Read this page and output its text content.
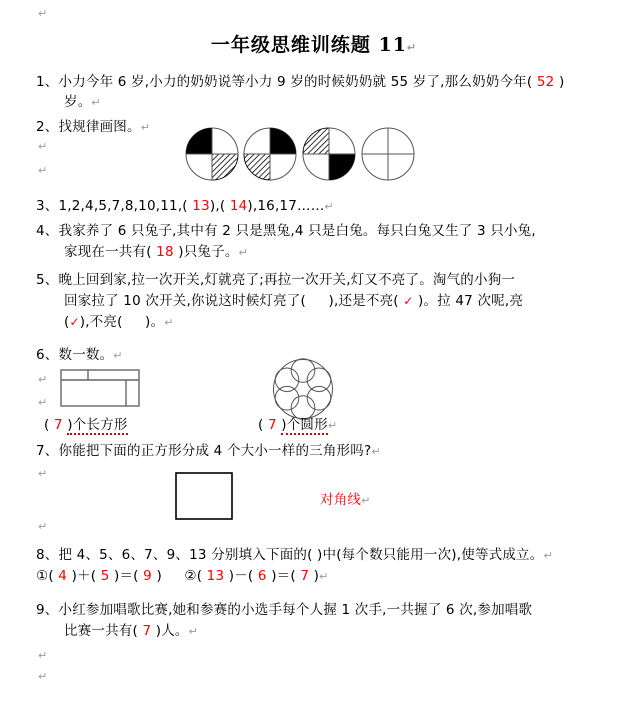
↵
一年级思维训练题 11↵
1、小力今年 6 岁,小力的奶奶说等小力 9 岁的时候奶奶就 55 岁了,那么奶奶今年( 52 )
岁。↵
2、找规律画图。↵
↵
↵
3、1,2,4,5,7,8,10,11,( 13),( 14),16,17……↵
4、我家养了 6 只兔子,其中有 2 只是黑兔,4 只是白兔。每只白兔又生了 3 只小兔,
家现在一共有( 18 )只兔子。↵
5、晚上回到家,拉一次开关,灯就亮了;再拉一次开关,灯又不亮了。淘气的小狗一
回家拉了 10 次开关,你说这时候灯亮了( ),还是不亮( ✓ )。拉 47 次呢,亮
(✓),不亮( )。↵
6、数一数。↵
↵
↵
( 7 )个长方形	( 7 )个圆形↵
7、你能把下面的正方形分成 4 个大小一样的三角形吗?↵
↵
↵
对角线↵
8、把 4、5、6、7、9、13 分别填入下面的( )中(每个数只能用一次),使等式成立。↵
①( 4 )＋( 5 )＝( 9 ) ②( 13 )－( 6 )＝( 7 )↵
9、小红参加唱歌比赛,她和参赛的小选手每个人握 1 次手,一共握了 6 次,参加唱歌
比赛一共有( 7 )人。↵
↵
↵
